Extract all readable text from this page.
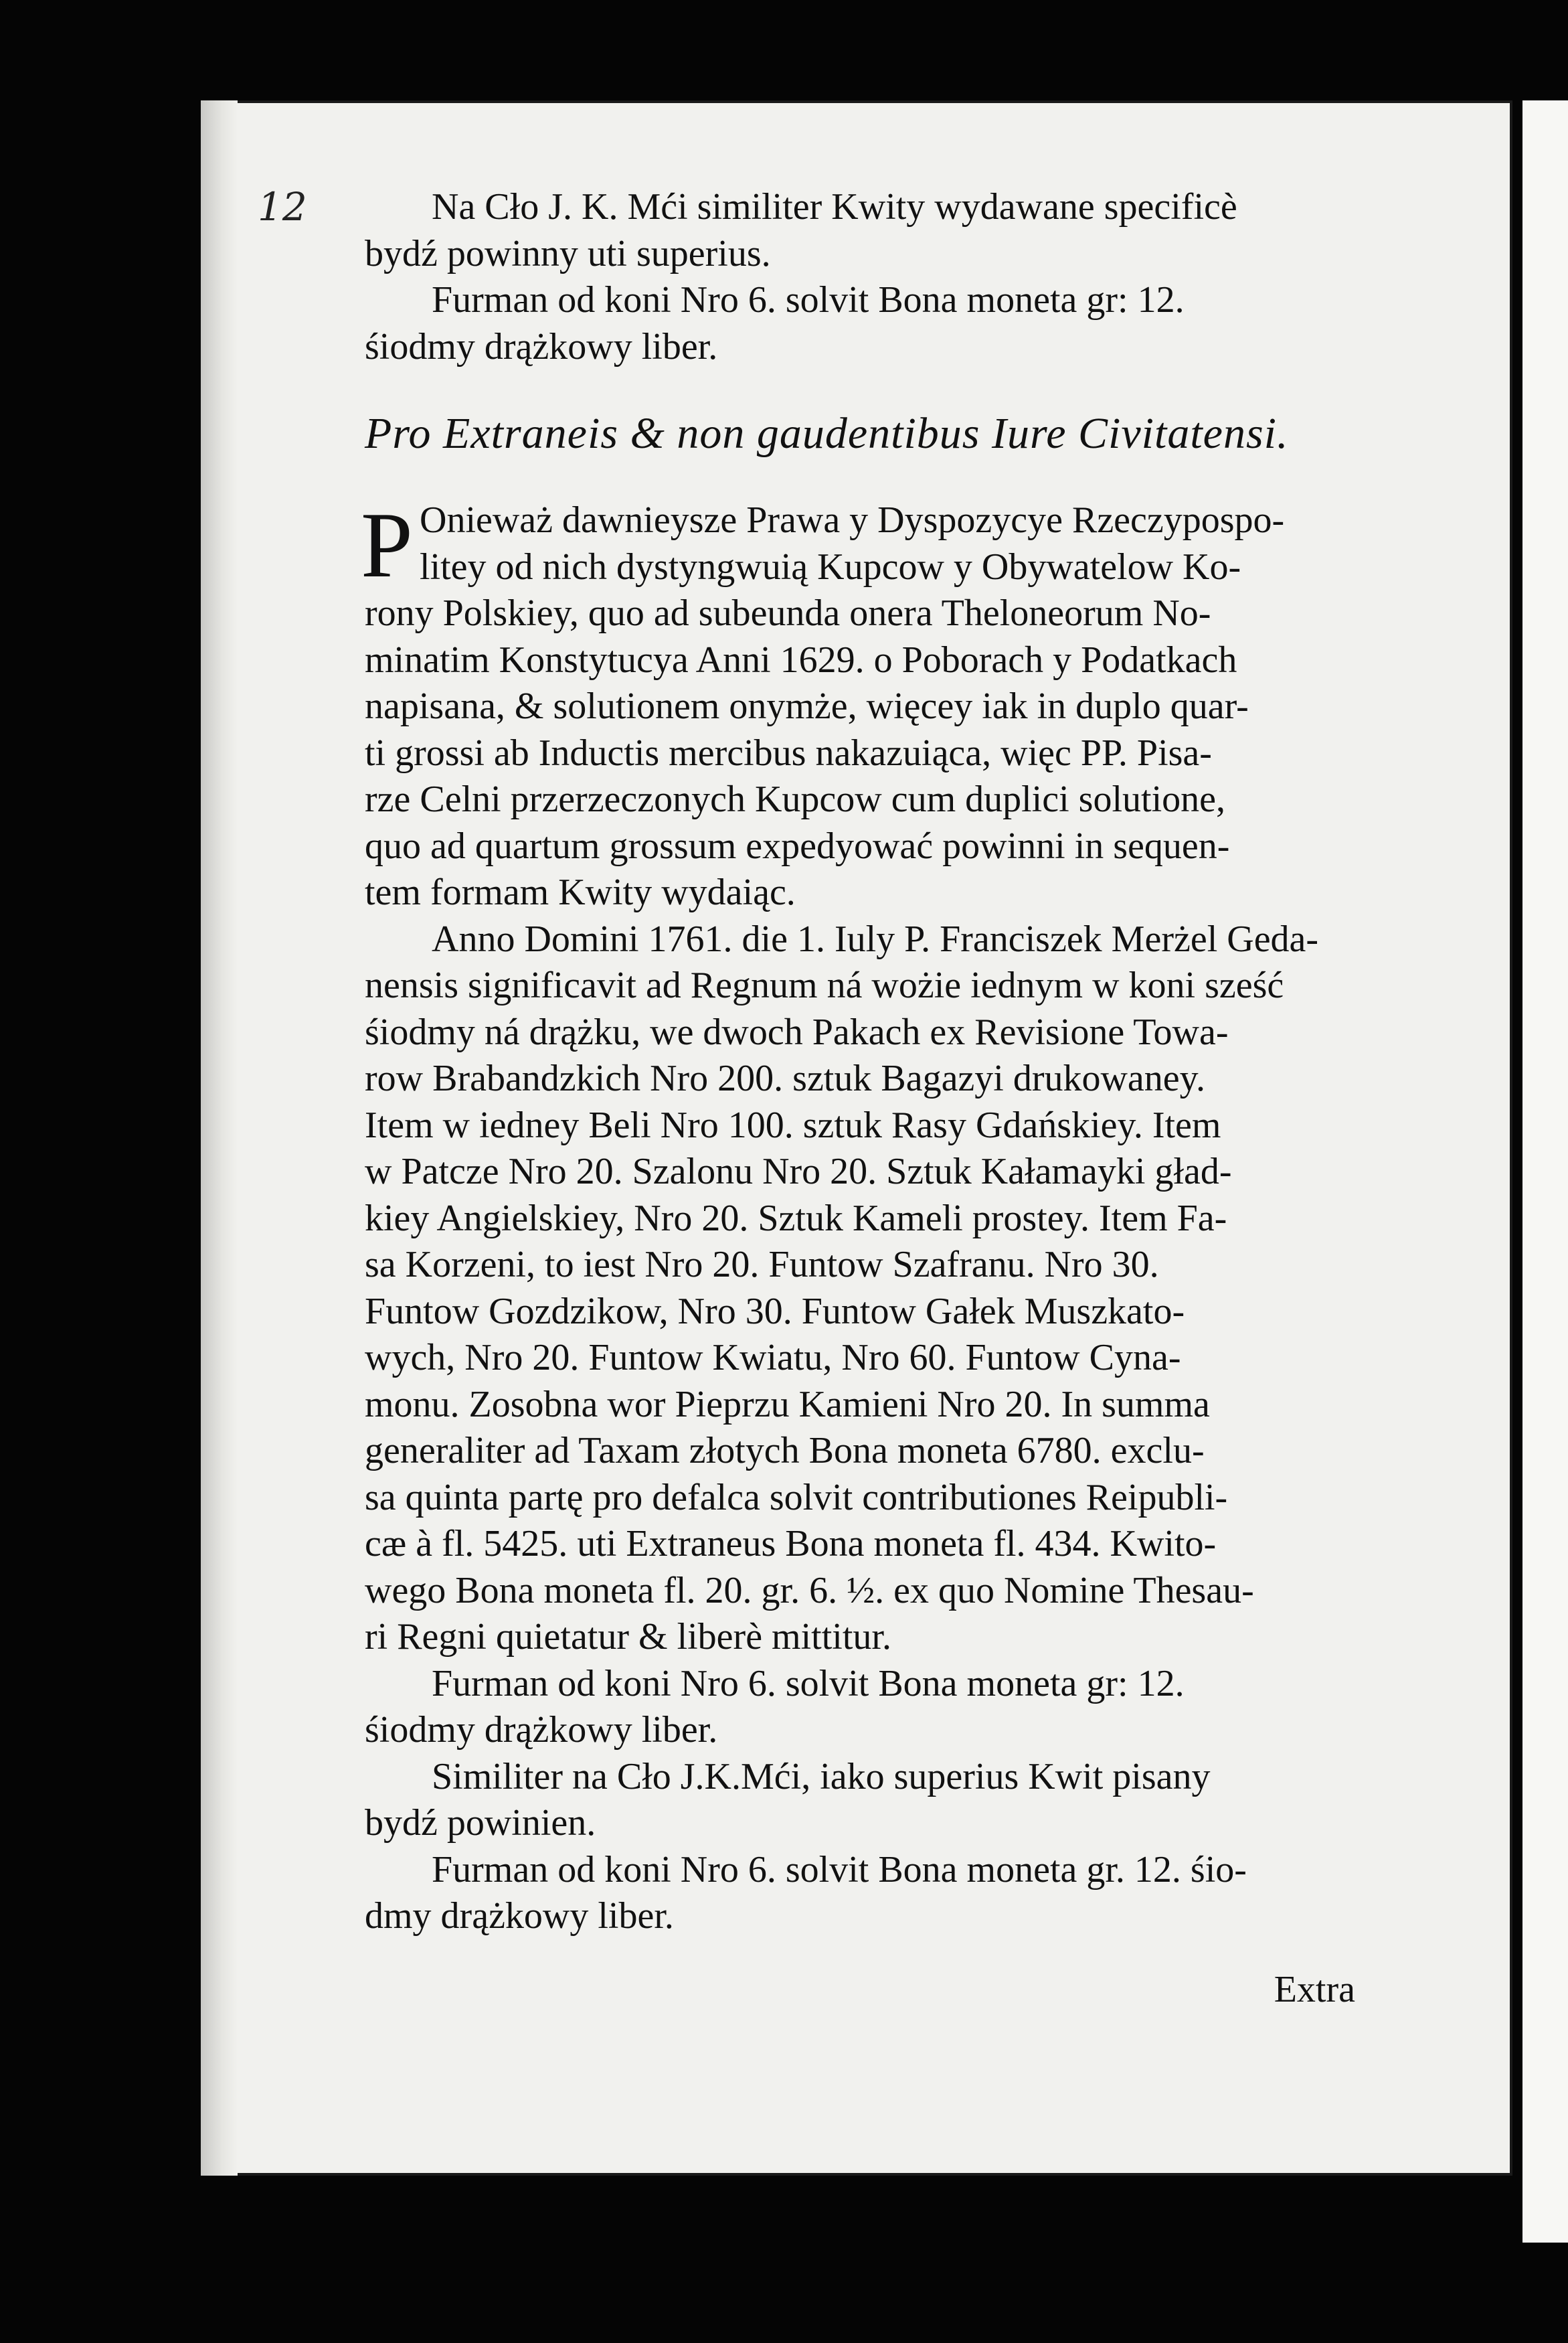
12	Na Cło J. K. Mći similiter Kwity wydawane specificè
bydź powinny uti superius.
Furman od koni Nro 6. solvit Bona moneta gr: 12.
śiodmy drążkowy liber.
Pro Extraneis & non gaudentibus Iure Civitatensi.
P Onieważ dawnieysze Prawa y Dyspozycye Rzeczypospo-
litey od nich dystyngwuią Kupcow y Obywatelow Ko-
rony Polskiey, quo ad subeunda onera Theloneorum No-
minatim Konstytucya Anni 1629. o Poborach y Podatkach
napisana, & solutionem onymże, więcey iak in duplo quar-
ti grossi ab Inductis mercibus nakazuiąca, więc PP. Pisa-
rze Celni przerzeczonych Kupcow cum duplici solutione,
quo ad quartum grossum expedyować powinni in sequen-
tem formam Kwity wydaiąc.
Anno Domini 1761. die 1. Iuly P. Franciszek Merżel Geda-
nensis significavit ad Regnum ná wożie iednym w koni sześć
śiodmy ná drążku, we dwoch Pakach ex Revisione Towa-
row Brabandzkich Nro 200. sztuk Bagazyi drukowaney.
Item w iedney Beli Nro 100. sztuk Rasy Gdańskiey. Item
w Patcze Nro 20. Szalonu Nro 20. Sztuk Kałamayki gład-
kiey Angielskiey, Nro 20. Sztuk Kameli prostey. Item Fa-
sa Korzeni, to iest Nro 20. Funtow Szafranu. Nro 30.
Funtow Gozdzikow, Nro 30. Funtow Gałek Muszkato-
wych, Nro 20. Funtow Kwiatu, Nro 60. Funtow Cyna-
monu. Zosobna wor Pieprzu Kamieni Nro 20. In summa
generaliter ad Taxam złotych Bona moneta 6780. exclu-
sa quinta partę pro defalca solvit contributiones Reipubli-
cæ à fl. 5425. uti Extraneus Bona moneta fl. 434. Kwito-
wego Bona moneta fl. 20. gr. 6. ½. ex quo Nomine Thesau-
ri Regni quietatur & liberè mittitur.
Furman od koni Nro 6. solvit Bona moneta gr: 12.
śiodmy drążkowy liber.
Similiter na Cło J.K.Mći, iako superius Kwit pisany
bydź powinien.
Furman od koni Nro 6. solvit Bona moneta gr. 12. śio-
dmy drążkowy liber.
Extra
